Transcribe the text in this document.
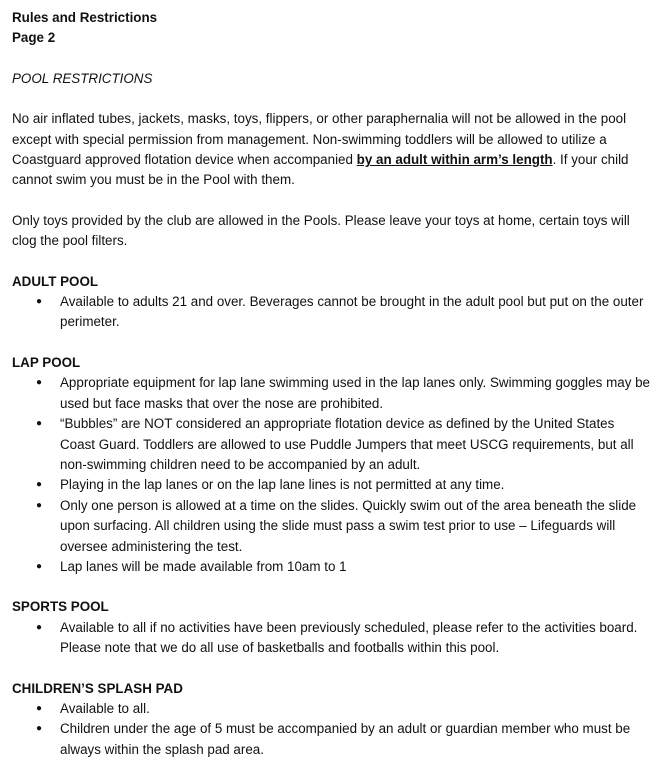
Rules and Restrictions
Page 2
POOL RESTRICTIONS

No air inflated tubes, jackets, masks, toys, flippers, or other paraphernalia will not be allowed in the pool except with special permission from management. Non-swimming toddlers will be allowed to utilize a Coastguard approved flotation device when accompanied by an adult within arm’s length. If your child cannot swim you must be in the Pool with them.

Only toys provided by the club are allowed in the Pools. Please leave your toys at home, certain toys will clog the pool filters.

ADULT POOL
● Available to adults 21 and over. Beverages cannot be brought in the adult pool but put on the outer perimeter.
LAP POOL
● Appropriate equipment for lap lane swimming used in the lap lanes only. Swimming goggles may be used but face masks that over the nose are prohibited.
● “Bubbles” are NOT considered an appropriate flotation device as defined by the United States Coast Guard. Toddlers are allowed to use Puddle Jumpers that meet USCG requirements, but all non-swimming children need to be accompanied by an adult.
● Playing in the lap lanes or on the lap lane lines is not permitted at any time.
● Only one person is allowed at a time on the slides. Quickly swim out of the area beneath the slide upon surfacing. All children using the slide must pass a swim test prior to use – Lifeguards will oversee administering the test.
● Lap lanes will be made available from 10am to 1
SPORTS POOL
● Available to all if no activities have been previously scheduled, please refer to the activities board. Please note that we do all use of basketballs and footballs within this pool.
CHILDREN’S SPLASH PAD
● Available to all.
● Children under the age of 5 must be accompanied by an adult or guardian member who must be always within the splash pad area.
